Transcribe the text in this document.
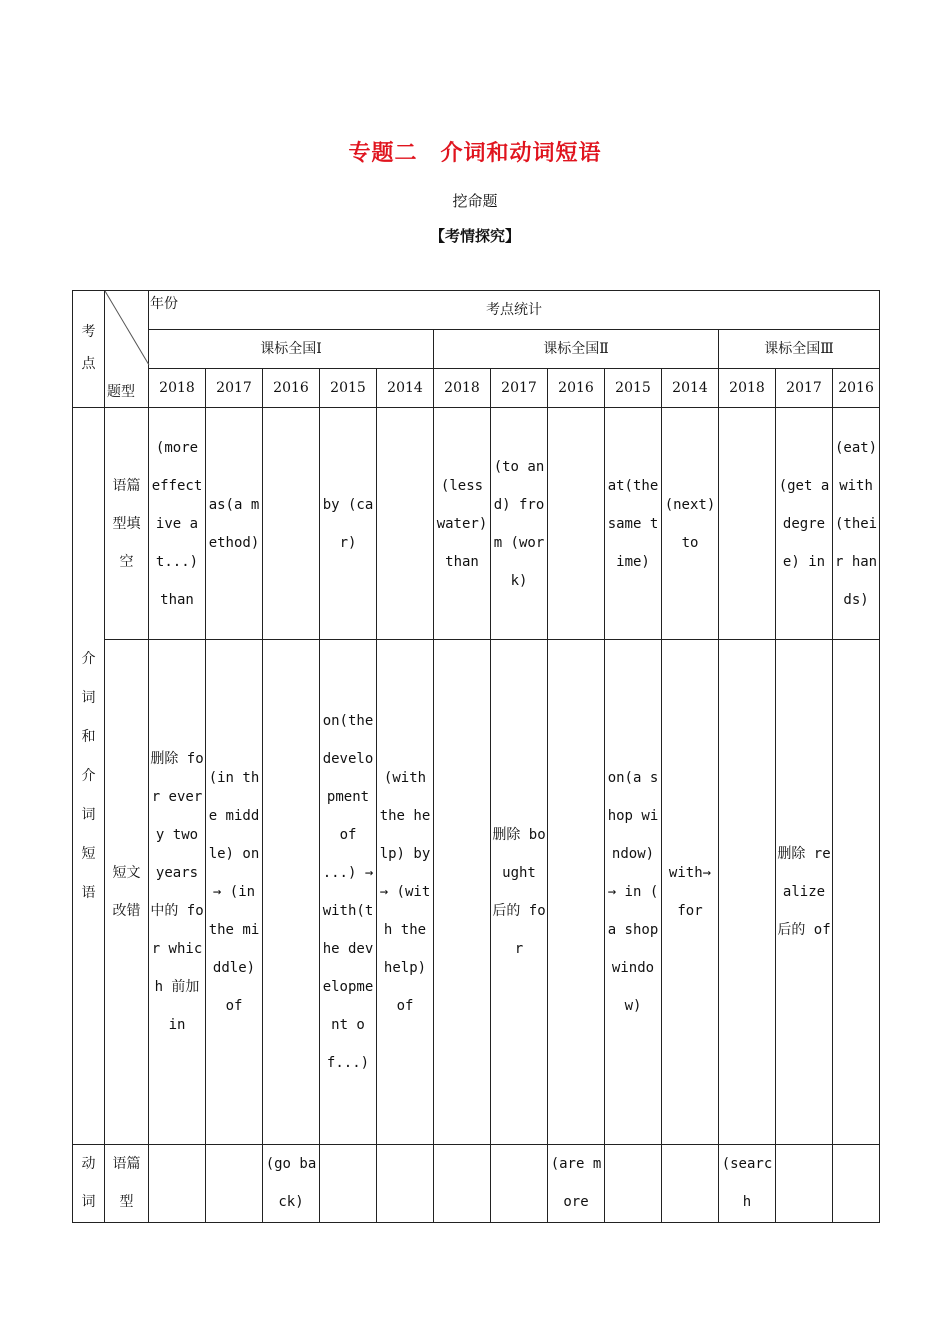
专题二　介词和动词短语
挖命题
【考情探究】
考点	年份
题型	考点统计												
		课标全国Ⅰ					课标全国Ⅱ					课标全国Ⅲ		
		2018	2017	2016	2015	2014	2018	2017	2016	2015	2014	2018	2017	2016
介词和介词短语	语篇型填空	(more effective at...) than	as(a method)		by (car)		(less water) than	(to and) from (work)		at(the same time)	(next) to		(get a degree) in	(eat) with (their hands)
	短文改错	删除 for every two years 中的 for which 前加 in	(in the middle) on→ (in the middle) of		on(the development of ...) → with(the development of...)	(with the help) by→ (with the help) of		删除 bought 后的 for		on(a shop window) → in ( a shop window)	with→ for		删除 realize 后的 of	
动词	语篇型			(go back)					(are more			(search		
